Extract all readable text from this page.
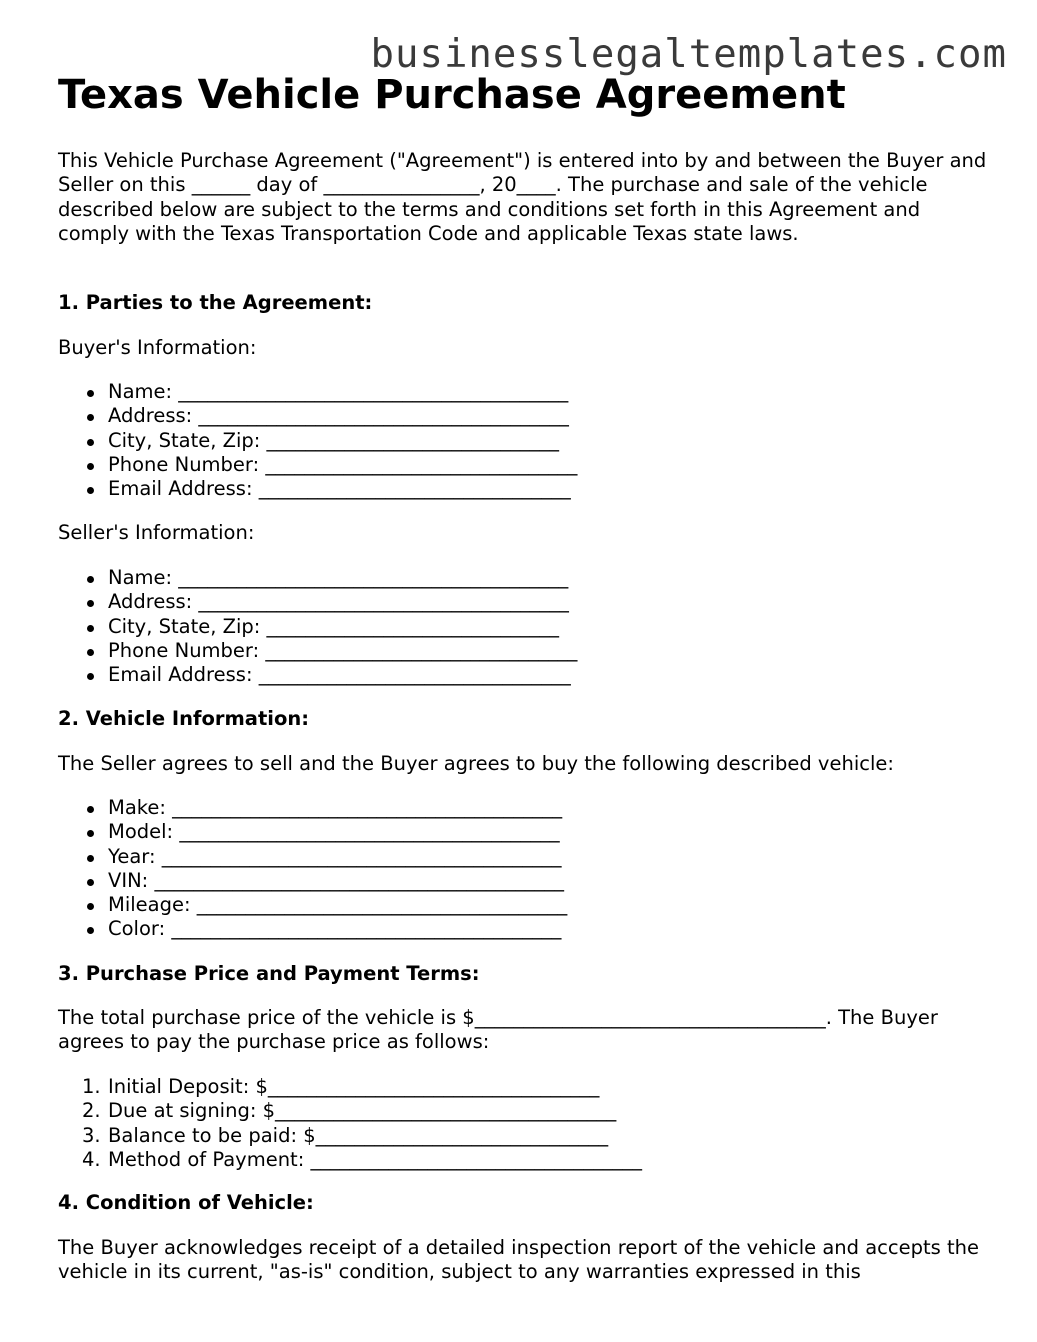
businesslegaltemplates.com
Texas Vehicle Purchase Agreement
This Vehicle Purchase Agreement ("Agreement") is entered into by and between the Buyer and Seller on this ______ day of ________________, 20____. The purchase and sale of the vehicle described below are subject to the terms and conditions set forth in this Agreement and comply with the Texas Transportation Code and applicable Texas state laws.
1. Parties to the Agreement:
Buyer's Information:
Name: ________________________________________
Address: ______________________________________
City, State, Zip: ______________________________
Phone Number: ________________________________
Email Address: ________________________________
Seller's Information:
Name: ________________________________________
Address: ______________________________________
City, State, Zip: ______________________________
Phone Number: ________________________________
Email Address: ________________________________
2. Vehicle Information:
The Seller agrees to sell and the Buyer agrees to buy the following described vehicle:
Make: ________________________________________
Model: _______________________________________
Year: _________________________________________
VIN: __________________________________________
Mileage: ______________________________________
Color: ________________________________________
3. Purchase Price and Payment Terms:
The total purchase price of the vehicle is $____________________________________. The Buyer agrees to pay the purchase price as follows:
1. Initial Deposit: $__________________________________
2. Due at signing: $___________________________________
3. Balance to be paid: $______________________________
4. Method of Payment: __________________________________
4. Condition of Vehicle:
The Buyer acknowledges receipt of a detailed inspection report of the vehicle and accepts the vehicle in its current, "as-is" condition, subject to any warranties expressed in this
